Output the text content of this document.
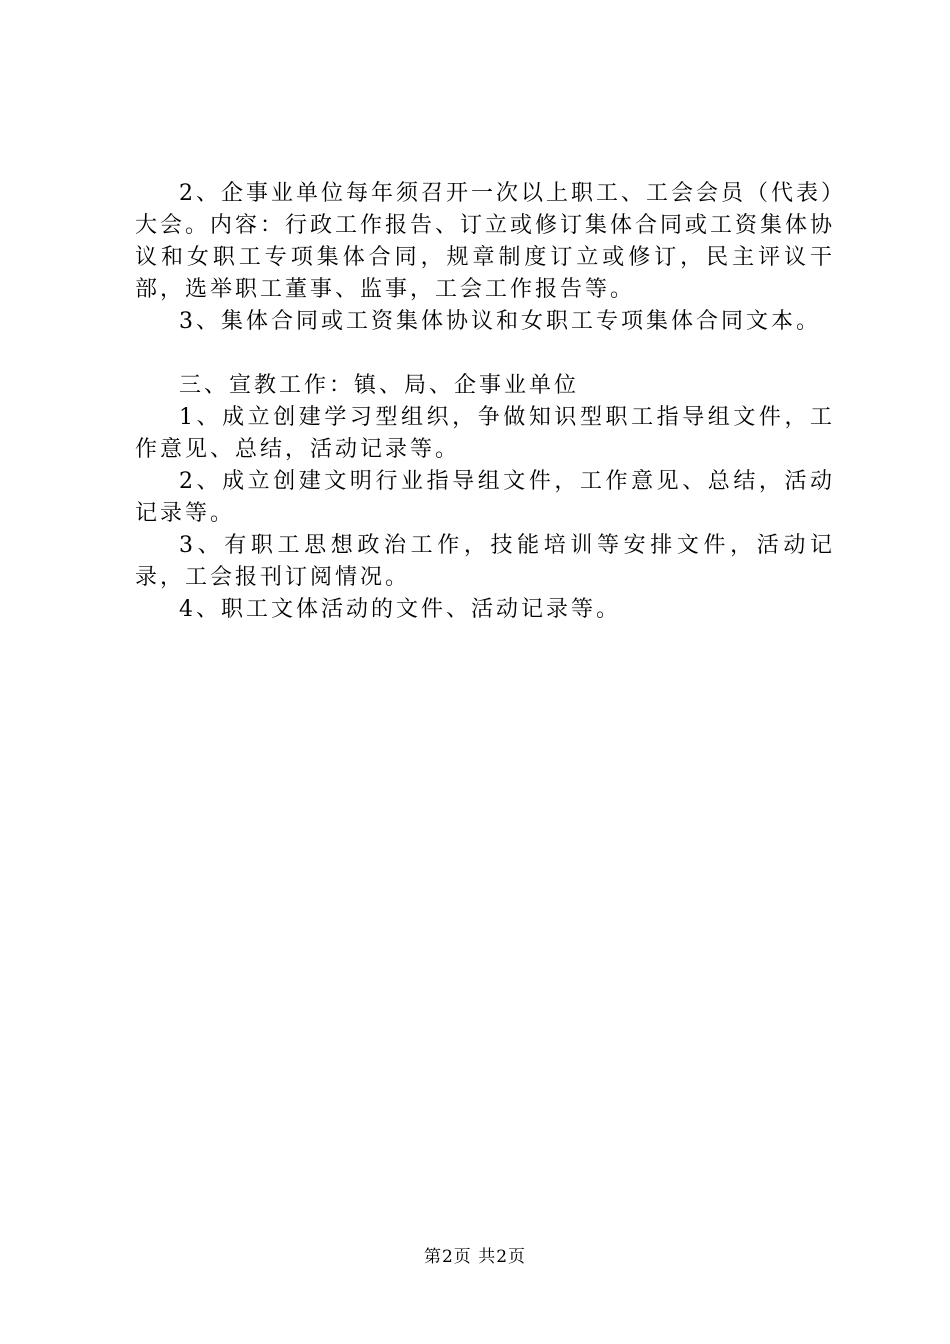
2、企事业单位每年须召开一次以上职工、工会会员（代表）大会。内容：行政工作报告、订立或修订集体合同或工资集体协议和女职工专项集体合同，规章制度订立或修订，民主评议干部，选举职工董事、监事，工会工作报告等。

3、集体合同或工资集体协议和女职工专项集体合同文本。

三、宣教工作：镇、局、企事业单位

1、成立创建学习型组织，争做知识型职工指导组文件，工作意见、总结，活动记录等。

2、成立创建文明行业指导组文件，工作意见、总结，活动记录等。

3、有职工思想政治工作，技能培训等安排文件，活动记录，工会报刊订阅情况。

4、职工文体活动的文件、活动记录等。

第2页 共2页
